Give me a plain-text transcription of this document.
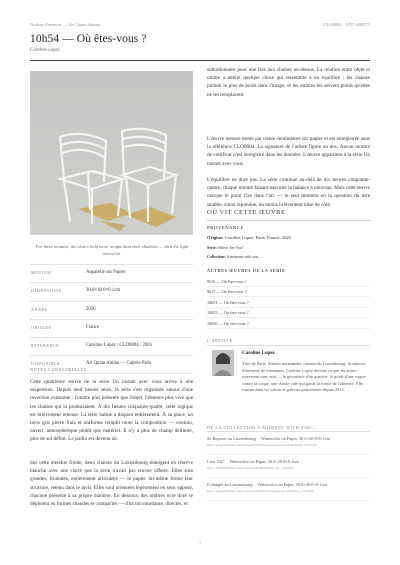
Notices d'œuvres — Art Quam Anima	CLO0004 · NTC-000271
10h54 — Où êtes-vous ?
Caroline Lopez
For three minutes, the chairs held more weight than their shadows — then the light moved on.
MÉDIUM	Aquarelle sur Papier
DIMENSIONS	30.0×30.0×0.1cm
ANNÉE	2026
ORIGINE	France
RÉFÉRENCE	Caroline Lopez / CLO0004 / 2026
DISPONIBLE	Art Quam Anima — Galerie Paris
NOTES CURATORIALES

Cette quatrième œuvre de la série Un instant avec vous arrive à une suspension. Depuis neuf heures seize, la série s'est organisée autour d'une inversion constante : l'ombre plus présente que l'objet, l'absence plus vive que les chaises qui la produisaient. À dix heures cinquante-quatre, cette logique est brièvement retenue. La terre battue a disparu entièrement. À sa place, un lavis gris pierre frais et uniforme remplit toute la composition — continu, ouvert, atmosphérique plutôt que matériel. Il n'y a plus de champ délimité, plus de sol défini. Le jardin est devenu air.

Sur cette étendue froide, deux chaises du Luxembourg émergent en réserve blanche avec une clarté que la série n'avait pas encore offerte. Elles sont grandes, frontales, entièrement articulées — le papier lui-même forme leur structure, retenu dans le lavis. Elles sont orientées légèrement en sens opposé, chacune présente à sa propre manière. En dessous, des ombres ocre doré se déploient en formes chaudes et compactes — d'un ton mordante, directes, et

subordonnées pour une fois aux chaises au-dessus. La relation entre objet et ombre a atteint quelque chose qui ressemble à un équilibre : les chaises portent le plus de poids dans l'image, et les ombres les servent plutôt qu'elles ne les remplacent.

L'œuvre mesure trente par trente centimètres sur papier et est enregistrée sous la référence CLO0004. La signature de l'artiste figure au dos. Aucun montre de certificat n'est enregistré dans les données. L'œuvre appartient à la série Un instant avec vous.

L'équilibre ne dure pas. La série continue au-delà de dix heures cinquante-quatre, chaque minute faisant basculer la balance à nouveau. Mais cette œuvre marque le point fixe dans l'arc — le seul moment où la question du titre semble, sinon répondue, du moins brièvement mise de côté.

OÙ VIT CETTE ŒUVRE
PROVENANCE
Origine: Caroline Lopez, Paris, France, 2026
Série: Where Are You?
Collection: A moment with you…
AUTRES ŒUVRES DE LA SÉRIE
9h16 — Où êtes-vous ?
9h17 — Où êtes-vous ?
10h51 — Où êtes-vous ?
10h55 — Où êtes-vous ?
10h56 — Où êtes-vous ?
L'ARTISTE
Caroline Lopez
Titre de Paris, fidaires normandes, chaises du Luxembourg. Architecte d'intérieur de formation, Caroline Lopez dessine ce que les autres traversent sans voir — la géométrie d'un quartier, le poids d'une vague contre la coque, une chaise vide qui garde la forme de l'absence. Elle expose dans les salons et galeries parisiennes depuis 2014.
DE LA COLLECTION A MOMENT WITH YOU…
Se Reposer au Luxembourg Watercolor on Paper, 30.0×20.0×0.1cm
https://artquamanima.com/fr/oeuvres/20270514/se-reposer-au-luxembourg_lyxtb.html
Lieu 132° Watercolor on Paper, 30.0×20.0×0.1cm
https://artquamanima.com/fr/oeuvres/20260502/lieu-132_yxzf.html
Echanger au Luxembourg Watercolor on Paper, 30.0×30.0×0.1cm
https://artquamanima.com/fr/oeuvres/20260510/echanger-au-luxembourg_fx1f.html
1
